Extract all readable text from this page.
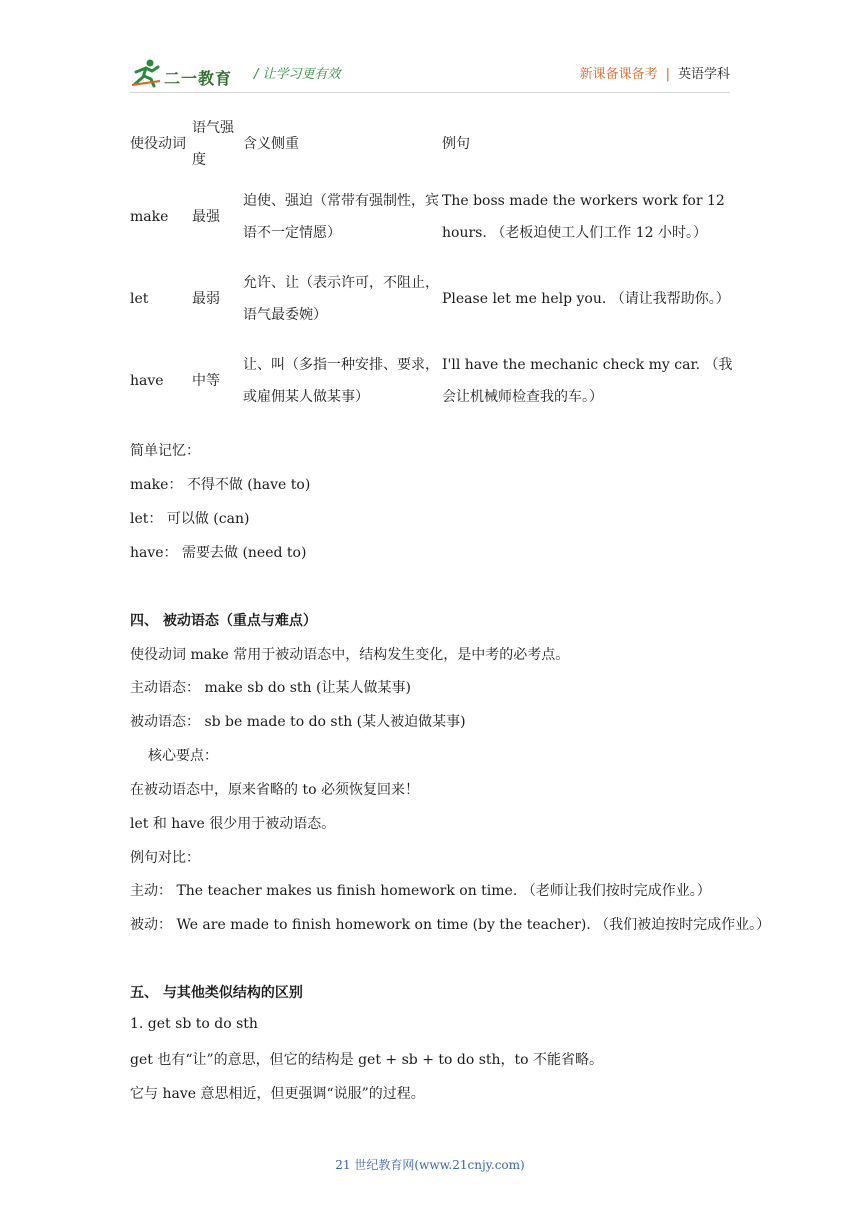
二一教育 / 让学习更有效	新课备课备考 | 英语学科
使役动词	语气强度	含义侧重	例句
make	最强	迫使、强迫（常带有强制性，宾语不一定情愿）	The boss made the workers work for 12 hours. （老板迫使工人们工作 12 小时。）
let	最弱	允许、让（表示许可，不阻止，语气最委婉）	Please let me help you. （请让我帮助你。）
have	中等	让、叫（多指一种安排、要求，或雇佣某人做某事）	I'll have the mechanic check my car. （我会让机械师检查我的车。）
简单记忆：
make： 不得不做 (have to)
let： 可以做 (can)
have： 需要去做 (need to)
四、 被动语态（重点与难点）
使役动词 make 常用于被动语态中，结构发生变化，是中考的必考点。
主动语态： make sb do sth (让某人做某事)
被动语态： sb be made to do sth (某人被迫做某事)
核心要点：
在被动语态中，原来省略的 to 必须恢复回来！
let 和 have 很少用于被动语态。
例句对比：
主动： The teacher makes us finish homework on time. （老师让我们按时完成作业。）
被动： We are made to finish homework on time (by the teacher). （我们被迫按时完成作业。）
五、 与其他类似结构的区别
1. get sb to do sth
get 也有“让”的意思，但它的结构是 get + sb + to do sth，to 不能省略。
它与 have 意思相近，但更强调“说服”的过程。
21 世纪教育网(www.21cnjy.com)
